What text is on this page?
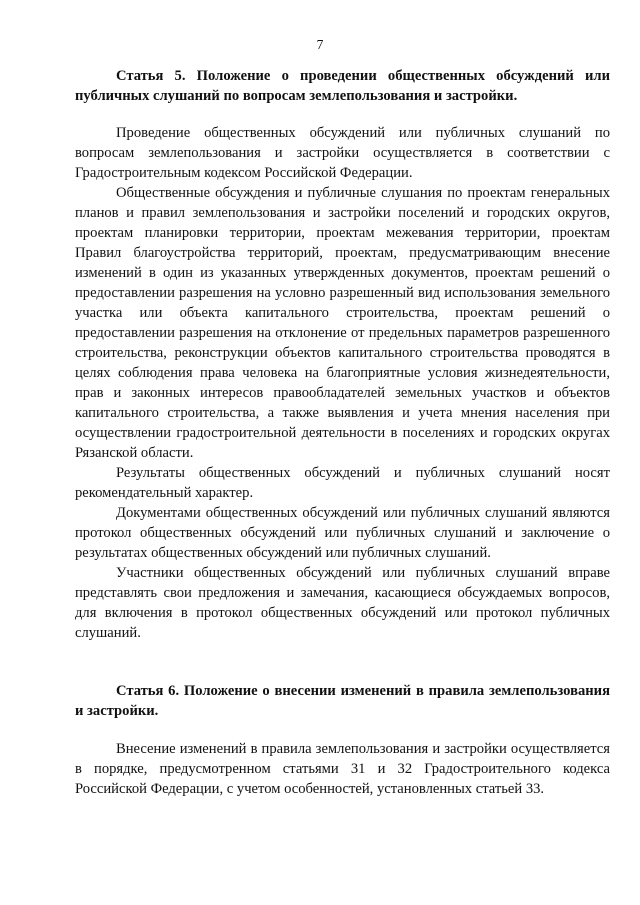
7

Статья 5. Положение о проведении общественных обсуждений или публичных слушаний по вопросам землепользования и застройки.

Проведение общественных обсуждений или публичных слушаний по вопросам землепользования и застройки осуществляется в соответствии с Градостроительным кодексом Российской Федерации.

Общественные обсуждения и публичные слушания по проектам генеральных планов и правил землепользования и застройки поселений и городских округов, проектам планировки территории, проектам межевания территории, проектам Правил благоустройства территорий, проектам, предусматривающим внесение изменений в один из указанных утвержденных документов, проектам решений о предоставлении разрешения на условно разрешенный вид использования земельного участка или объекта капитального строительства, проектам решений о предоставлении разрешения на отклонение от предельных параметров разрешенного строительства, реконструкции объектов капитального строительства проводятся в целях соблюдения права человека на благоприятные условия жизнедеятельности, прав и законных интересов правообладателей земельных участков и объектов капитального строительства, а также выявления и учета мнения населения при осуществлении градостроительной деятельности в поселениях и городских округах Рязанской области.

Результаты общественных обсуждений и публичных слушаний носят рекомендательный характер.

Документами общественных обсуждений или публичных слушаний являются протокол общественных обсуждений или публичных слушаний и заключение о результатах общественных обсуждений или публичных слушаний.

Участники общественных обсуждений или публичных слушаний вправе представлять свои предложения и замечания, касающиеся обсуждаемых вопросов, для включения в протокол общественных обсуждений или протокол публичных слушаний.

Статья 6. Положение о внесении изменений в правила землепользования и застройки.

Внесение изменений в правила землепользования и застройки осуществляется в порядке, предусмотренном статьями 31 и 32 Градостроительного кодекса Российской Федерации, с учетом особенностей, установленных статьей 33.
